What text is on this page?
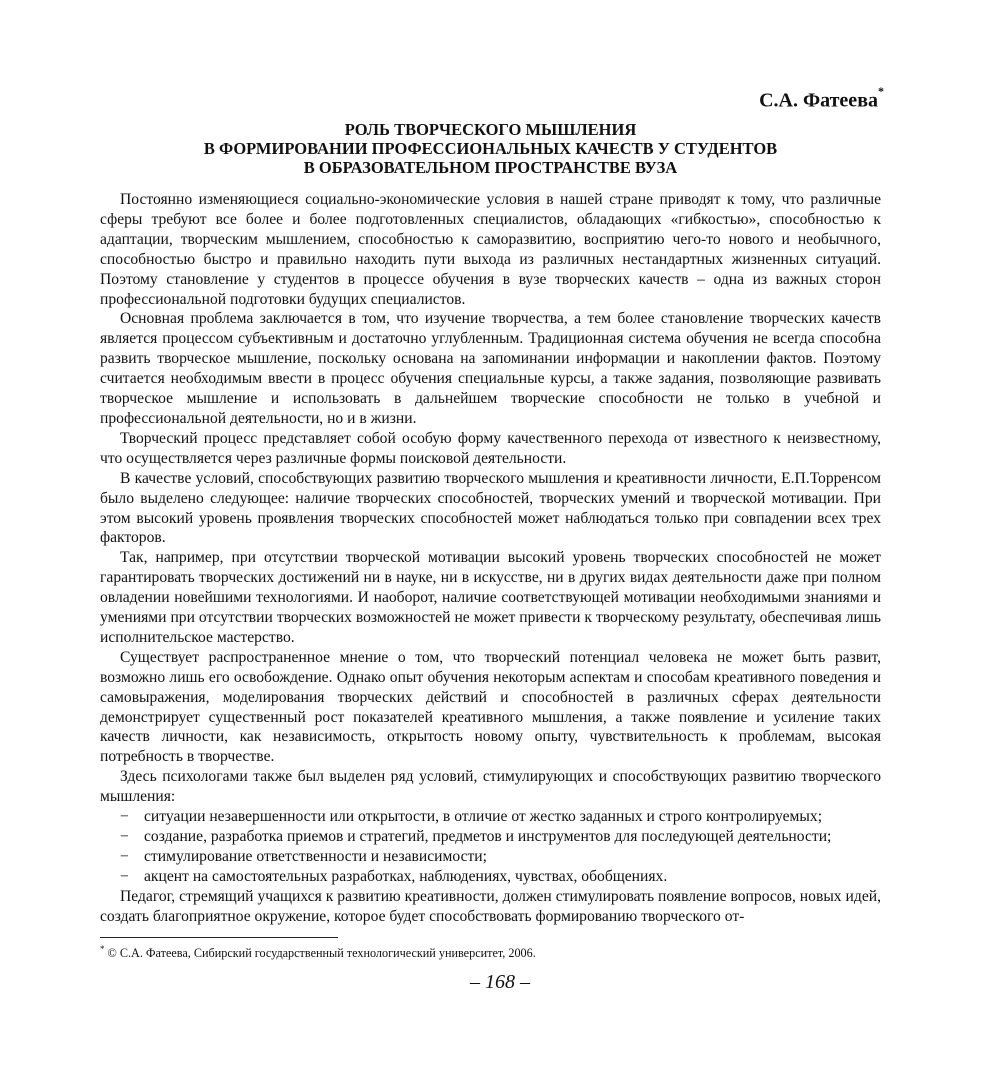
С.А. Фатеева*
РОЛЬ ТВОРЧЕСКОГО МЫШЛЕНИЯ
В ФОРМИРОВАНИИ ПРОФЕССИОНАЛЬНЫХ КАЧЕСТВ У СТУДЕНТОВ
В ОБРАЗОВАТЕЛЬНОМ ПРОСТРАНСТВЕ ВУЗА

Постоянно изменяющиеся социально-экономические условия в нашей стране приводят к тому, что различные сферы требуют все более и более подготовленных специалистов, обладающих «гибкостью», способностью к адаптации, творческим мышлением, способностью к саморазвитию, восприятию чего-то нового и необычного, способностью быстро и правильно находить пути выхода из различных нестандартных жизненных ситуаций. Поэтому становление у студентов в процессе обучения в вузе творческих качеств – одна из важных сторон профессиональной подготовки будущих специалистов.

Основная проблема заключается в том, что изучение творчества, а тем более становление творческих качеств является процессом субъективным и достаточно углубленным. Традиционная система обучения не всегда способна развить творческое мышление, поскольку основана на запоминании информации и накоплении фактов. Поэтому считается необходимым ввести в процесс обучения специальные курсы, а также задания, позволяющие развивать творческое мышление и использовать в дальнейшем творческие способности не только в учебной и профессиональной деятельности, но и в жизни.

Творческий процесс представляет собой особую форму качественного перехода от известного к неизвестному, что осуществляется через различные формы поисковой деятельности.

В качестве условий, способствующих развитию творческого мышления и креативности личности, Е.П.Торренсом было выделено следующее: наличие творческих способностей, творческих умений и творческой мотивации. При этом высокий уровень проявления творческих способностей может наблюдаться только при совпадении всех трех факторов.

Так, например, при отсутствии творческой мотивации высокий уровень творческих способностей не может гарантировать творческих достижений ни в науке, ни в искусстве, ни в других видах деятельности даже при полном овладении новейшими технологиями. И наоборот, наличие соответствующей мотивации необходимыми знаниями и умениями при отсутствии творческих возможностей не может привести к творческому результату, обеспечивая лишь исполнительское мастерство.

Существует распространенное мнение о том, что творческий потенциал человека не может быть развит, возможно лишь его освобождение. Однако опыт обучения некоторым аспектам и способам креативного поведения и самовыражения, моделирования творческих действий и способностей в различных сферах деятельности демонстрирует существенный рост показателей креативного мышления, а также появление и усиление таких качеств личности, как независимость, открытость новому опыту, чувствительность к проблемам, высокая потребность в творчестве.

Здесь психологами также был выделен ряд условий, стимулирующих и способствующих развитию творческого мышления:

− ситуации незавершенности или открытости, в отличие от жестко заданных и строго контролируемых;
− создание, разработка приемов и стратегий, предметов и инструментов для последующей деятельности;
− стимулирование ответственности и независимости;
− акцент на самостоятельных разработках, наблюдениях, чувствах, обобщениях.

Педагог, стремящий учащихся к развитию креативности, должен стимулировать появление вопросов, новых идей, создать благоприятное окружение, которое будет способствовать формированию творческого от-

* © С.А. Фатеева, Сибирский государственный технологический университет, 2006.
– 168 –
